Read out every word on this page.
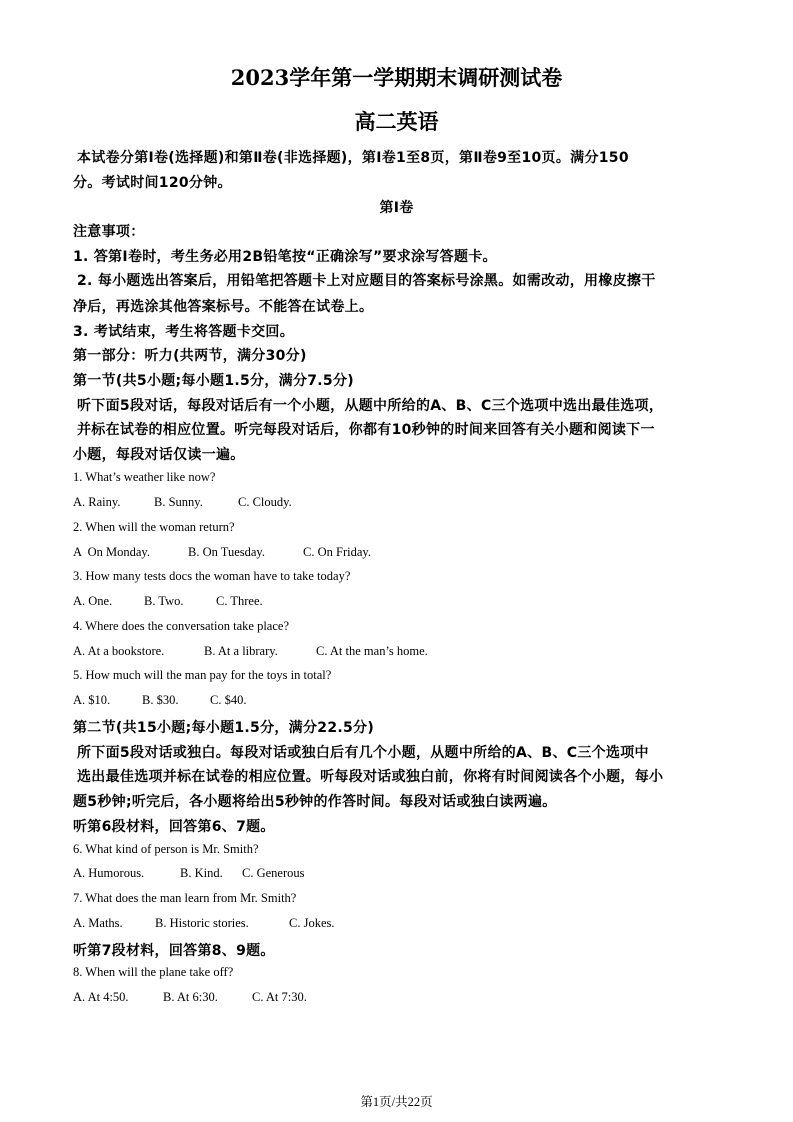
2023学年第一学期期末调研测试卷
高二英语
本试卷分第Ⅰ卷(选择题)和第Ⅱ卷(非选择题)，第Ⅰ卷1至8页，第Ⅱ卷9至10页。满分150
分。考试时间120分钟。
第Ⅰ卷
注意事项：
1. 答第Ⅰ卷时，考生务必用2B铅笔按“正确涂写”要求涂写答题卡。
2. 每小题选出答案后，用铅笔把答题卡上对应题目的答案标号涂黑。如需改动，用橡皮擦干
净后，再选涂其他答案标号。不能答在试卷上。
3. 考试结束，考生将答题卡交回。
第一部分：听力(共两节，满分30分)
第一节(共5小题;每小题1.5分，满分7.5分)
听下面5段对话，每段对话后有一个小题，从题中所给的A、B、C三个选项中选出最佳选项，
并标在试卷的相应位置。听完每段对话后，你都有10秒钟的时间来回答有关小题和阅读下一
小题，每段对话仅读一遍。
1. What’s weather like now?
A. Rainy.	B. Sunny.	C. Cloudy.
2. When will the woman return?
A  On Monday.	B. On Tuesday.	C. On Friday.
3. How many tests docs the woman have to take today?
A. One.	B. Two.	C. Three.
4. Where does the conversation take place?
A. At a bookstore.	B. At a library.	C. At the man’s home.
5. How much will the man pay for the toys in total?
A. $10.	B. $30.	C. $40.
第二节(共15小题;每小题1.5分，满分22.5分)
所下面5段对话或独白。每段对话或独白后有几个小题，从题中所给的A、B、C三个选项中
选出最佳选项并标在试卷的相应位置。听每段对话或独白前，你将有时间阅读各个小题，每小
题5秒钟;听完后，各小题将给出5秒钟的作答时间。每段对话或独白读两遍。
听第6段材料，回答第6、7题。
6. What kind of person is Mr. Smith?
A. Humorous.	B. Kind. C. Generous
7. What does the man learn from Mr. Smith?
A. Maths.	B. Historic stories.	C. Jokes.
听第7段材料，回答第8、9题。
8. When will the plane take off?
A. At 4:50.	B. At 6:30.	C. At 7:30.
第1页/共22页
